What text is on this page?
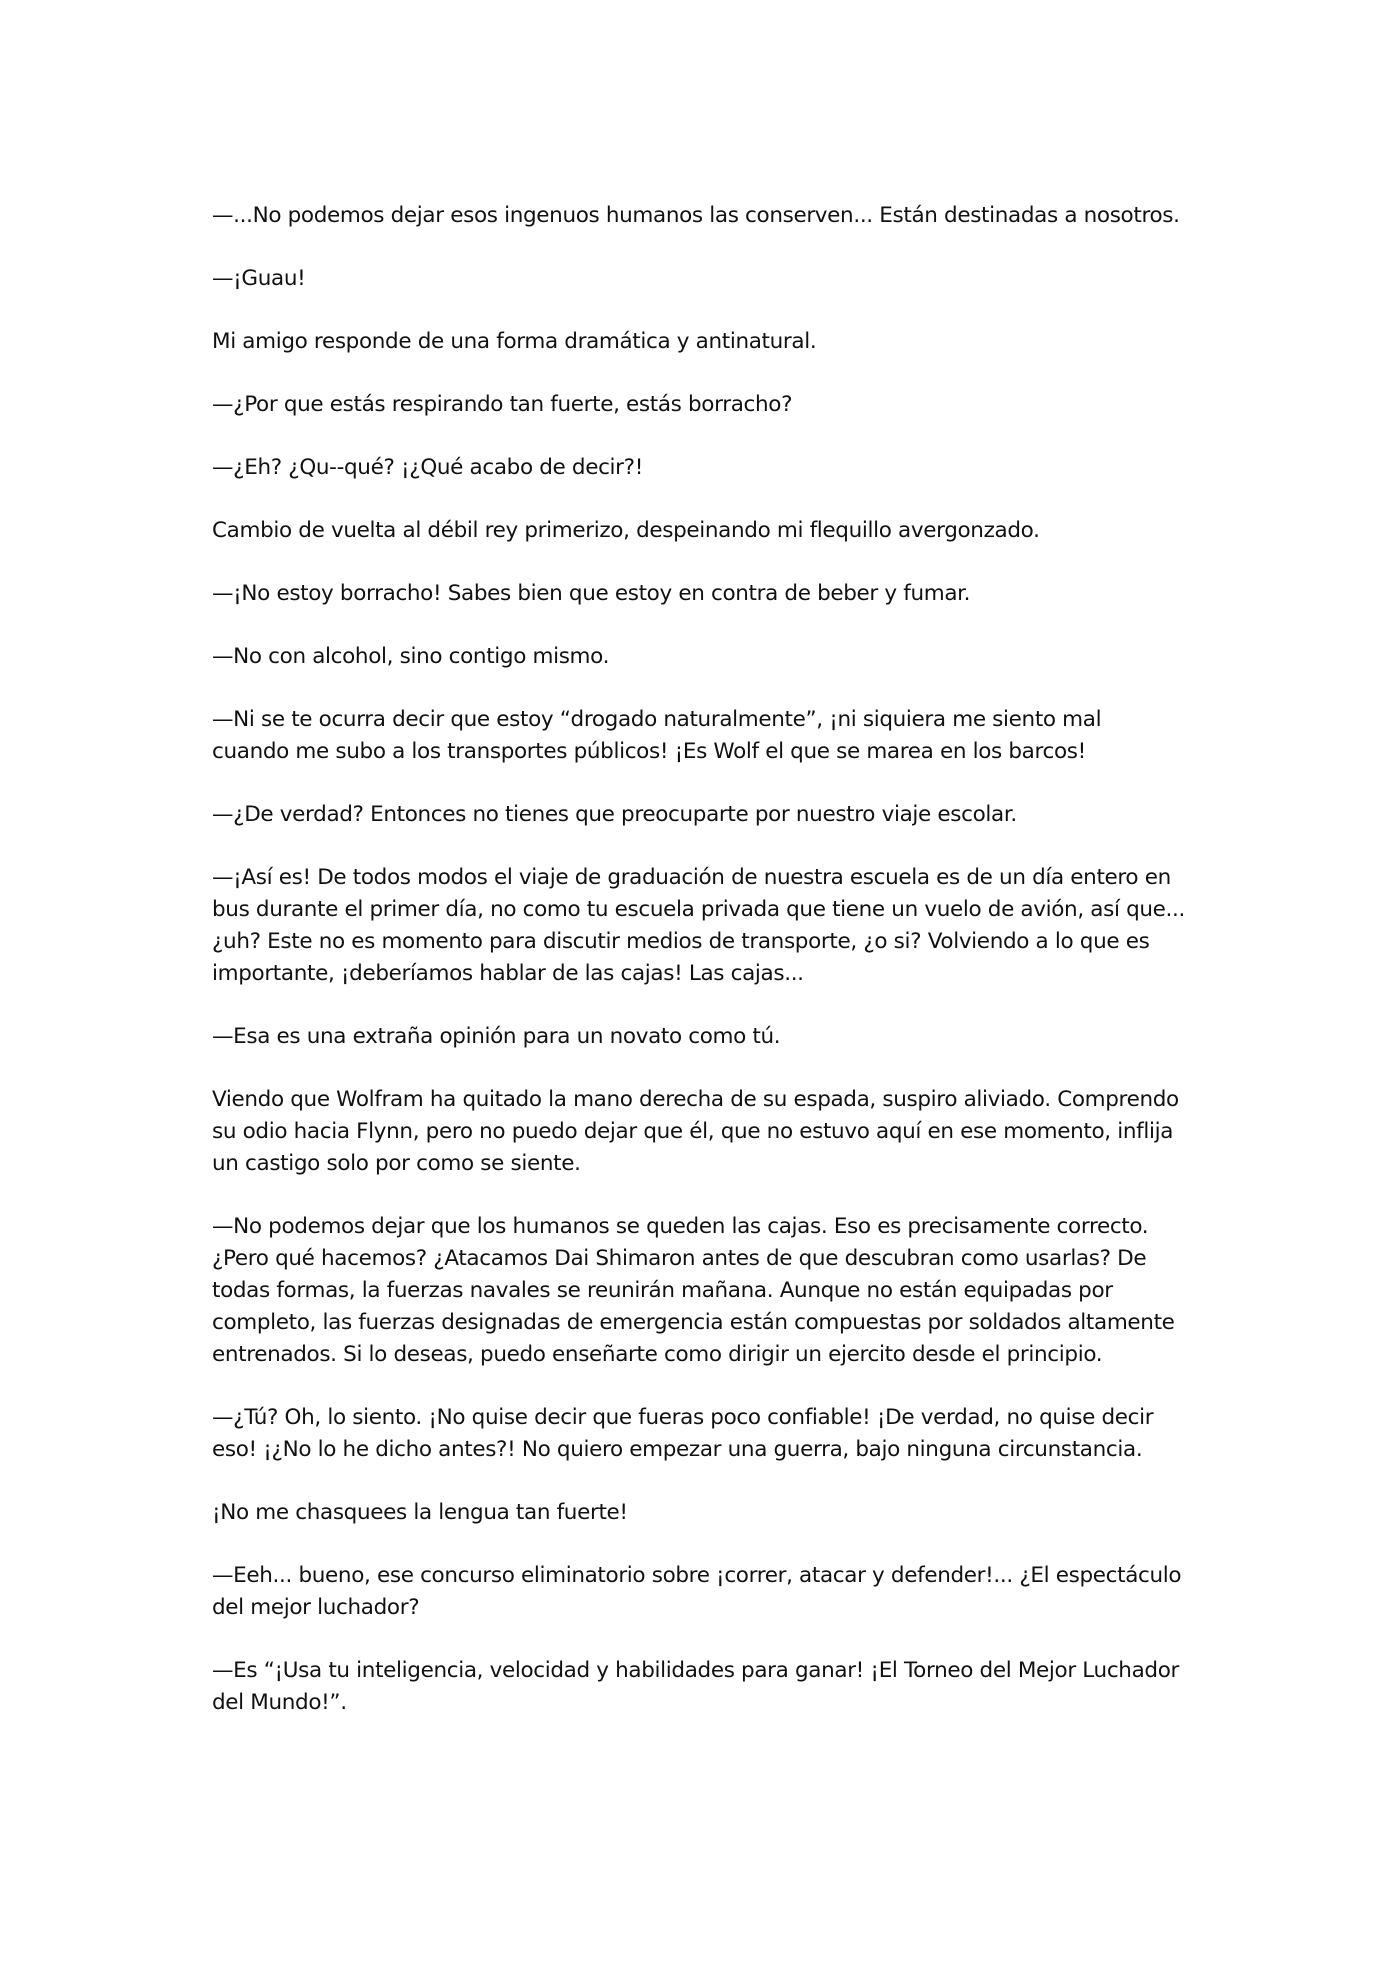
—...No podemos dejar esos ingenuos humanos las conserven... Están destinadas a nosotros.

—¡Guau!

Mi amigo responde de una forma dramática y antinatural.

—¿Por que estás respirando tan fuerte, estás borracho?

—¿Eh? ¿Qu--qué? ¡¿Qué acabo de decir?!

Cambio de vuelta al débil rey primerizo, despeinando mi flequillo avergonzado.

—¡No estoy borracho! Sabes bien que estoy en contra de beber y fumar.

—No con alcohol, sino contigo mismo.

—Ni se te ocurra decir que estoy “drogado naturalmente”, ¡ni siquiera me siento mal
cuando me subo a los transportes públicos! ¡Es Wolf el que se marea en los barcos!

—¿De verdad? Entonces no tienes que preocuparte por nuestro viaje escolar.

—¡Así es! De todos modos el viaje de graduación de nuestra escuela es de un día entero en
bus durante el primer día, no como tu escuela privada que tiene un vuelo de avión, así que...
¿uh? Este no es momento para discutir medios de transporte, ¿o si? Volviendo a lo que es
importante, ¡deberíamos hablar de las cajas! Las cajas...

—Esa es una extraña opinión para un novato como tú.

Viendo que Wolfram ha quitado la mano derecha de su espada, suspiro aliviado. Comprendo
su odio hacia Flynn, pero no puedo dejar que él, que no estuvo aquí en ese momento, inflija
un castigo solo por como se siente.

—No podemos dejar que los humanos se queden las cajas. Eso es precisamente correcto.
¿Pero qué hacemos? ¿Atacamos Dai Shimaron antes de que descubran como usarlas? De
todas formas, la fuerzas navales se reunirán mañana. Aunque no están equipadas por
completo, las fuerzas designadas de emergencia están compuestas por soldados altamente
entrenados. Si lo deseas, puedo enseñarte como dirigir un ejercito desde el principio.

—¿Tú? Oh, lo siento. ¡No quise decir que fueras poco confiable! ¡De verdad, no quise decir
eso! ¡¿No lo he dicho antes?! No quiero empezar una guerra, bajo ninguna circunstancia.

¡No me chasquees la lengua tan fuerte!

—Eeh... bueno, ese concurso eliminatorio sobre ¡correr, atacar y defender!... ¿El espectáculo
del mejor luchador?

—Es “¡Usa tu inteligencia, velocidad y habilidades para ganar! ¡El Torneo del Mejor Luchador
del Mundo!”.
